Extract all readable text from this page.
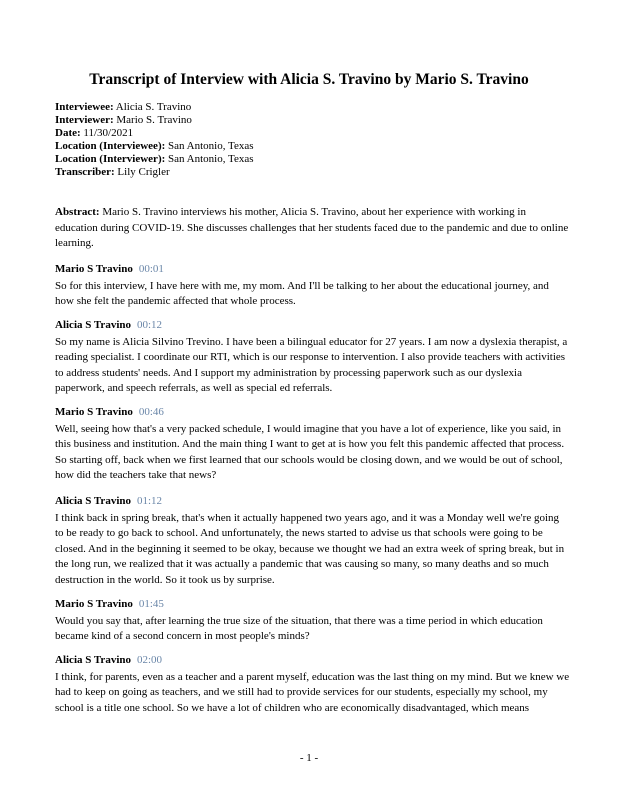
Transcript of Interview with Alicia S. Travino by Mario S. Travino
Interviewee: Alicia S. Travino
Interviewer: Mario S. Travino
Date: 11/30/2021
Location (Interviewee): San Antonio, Texas
Location (Interviewer): San Antonio, Texas
Transcriber: Lily Crigler
Abstract: Mario S. Travino interviews his mother, Alicia S. Travino, about her experience with working in education during COVID-19. She discusses challenges that her students faced due to the pandemic and due to online learning.
Mario S Travino 00:01
So for this interview, I have here with me, my mom. And I'll be talking to her about the educational journey, and how she felt the pandemic affected that whole process.
Alicia S Travino 00:12
So my name is Alicia Silvino Trevino. I have been a bilingual educator for 27 years. I am now a dyslexia therapist, a reading specialist. I coordinate our RTI, which is our response to intervention. I also provide teachers with activities to address students' needs. And I support my administration by processing paperwork such as our dyslexia paperwork, and speech referrals, as well as special ed referrals.
Mario S Travino 00:46
Well, seeing how that's a very packed schedule, I would imagine that you have a lot of experience, like you said, in this business and institution. And the main thing I want to get at is how you felt this pandemic affected that process. So starting off, back when we first learned that our schools would be closing down, and we would be out of school, how did the teachers take that news?
Alicia S Travino 01:12
I think back in spring break, that's when it actually happened two years ago, and it was a Monday well we're going to be ready to go back to school. And unfortunately, the news started to advise us that schools were going to be closed. And in the beginning it seemed to be okay, because we thought we had an extra week of spring break, but in the long run, we realized that it was actually a pandemic that was causing so many, so many deaths and so much destruction in the world. So it took us by surprise.
Mario S Travino 01:45
Would you say that, after learning the true size of the situation, that there was a time period in which education became kind of a second concern in most people's minds?
Alicia S Travino 02:00
I think, for parents, even as a teacher and a parent myself, education was the last thing on my mind. But we knew we had to keep on going as teachers, and we still had to provide services for our students, especially my school, my school is a title one school. So we have a lot of children who are economically disadvantaged, which means
- 1 -
